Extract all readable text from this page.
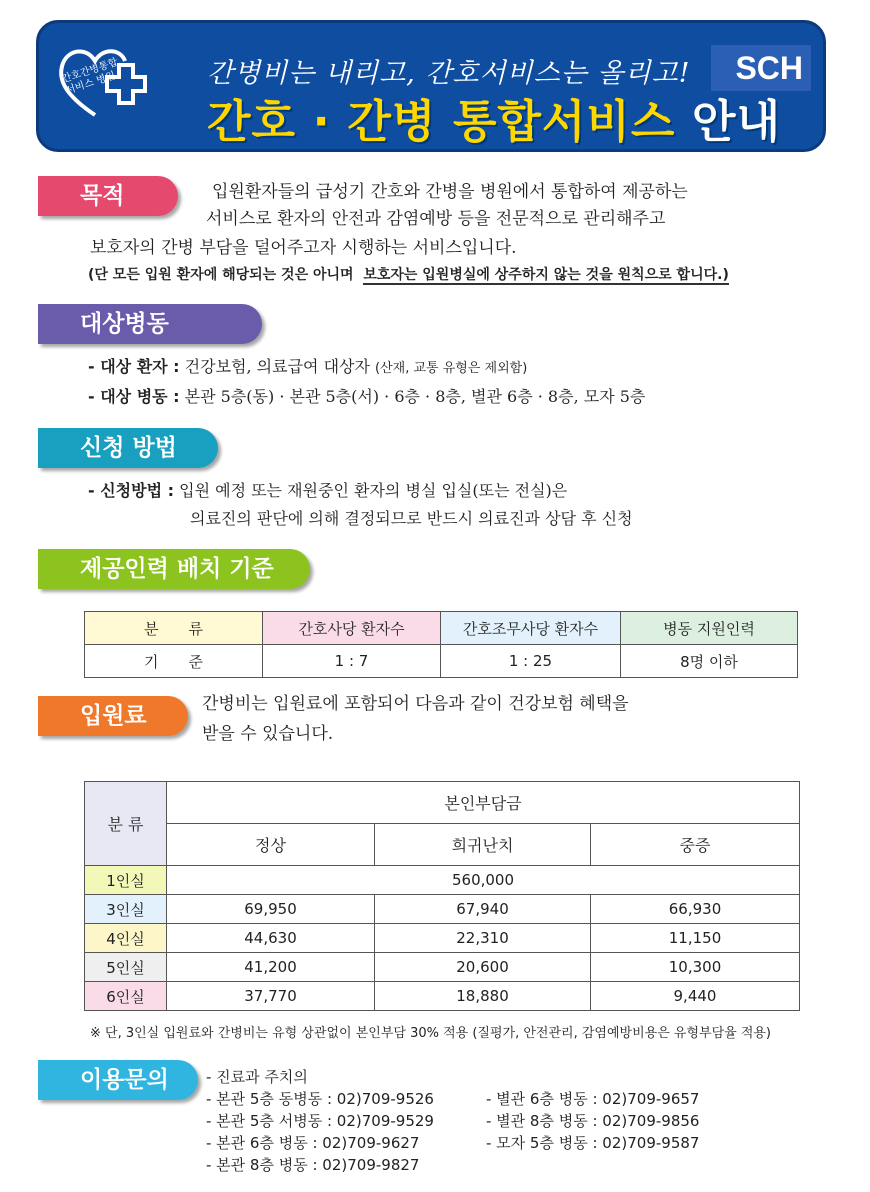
간호간병통합서비스 병원	간병비는 내리고, 간호서비스는 올리고!	SCH
간호 · 간병 통합서비스 안내
목적	입원환자들의 급성기 간호와 간병을 병원에서 통합하여 제공하는
서비스로 환자의 안전과 감염예방 등을 전문적으로 관리해주고
보호자의 간병 부담을 덜어주고자 시행하는 서비스입니다.
(단 모든 입원 환자에 해당되는 것은 아니며 보호자는 입원병실에 상주하지 않는 것을 원칙으로 합니다.)
대상병동
- 대상 환자 : 건강보험, 의료급여 대상자 (산재, 교통 유형은 제외함)
- 대상 병동 : 본관 5층(동) · 본관 5층(서) · 6층 · 8층, 별관 6층 · 8층, 모자 5층
신청 방법
- 신청방법 : 입원 예정 또는 재원중인 환자의 병실 입실(또는 전실)은
의료진의 판단에 의해 결정되므로 반드시 의료진과 상담 후 신청
제공인력 배치 기준
분　　류	간호사당 환자수	간호조무사당 환자수	병동 지원인력
기　　준	1 : 7	1 : 25	8명 이하
입원료	간병비는 입원료에 포함되어 다음과 같이 건강보험 혜택을
받을 수 있습니다.
분 류	본인부담금		
	정상	희귀난치	중증
1인실	560,000		
3인실	69,950	67,940	66,930
4인실	44,630	22,310	11,150
5인실	41,200	20,600	10,300
6인실	37,770	18,880	9,440
※ 단, 3인실 입원료와 간병비는 유형 상관없이 본인부담 30% 적용 (질평가, 안전관리, 감염예방비용은 유형부담율 적용)
이용문의	- 진료과 주치의
- 본관 5층 동병동 : 02)709-9526
- 본관 5층 서병동 : 02)709-9529
- 본관 6층 병동 : 02)709-9627
- 본관 8층 병동 : 02)709-9827
- 별관 6층 병동 : 02)709-9657
- 별관 8층 병동 : 02)709-9856
- 모자 5층 병동 : 02)709-9587
